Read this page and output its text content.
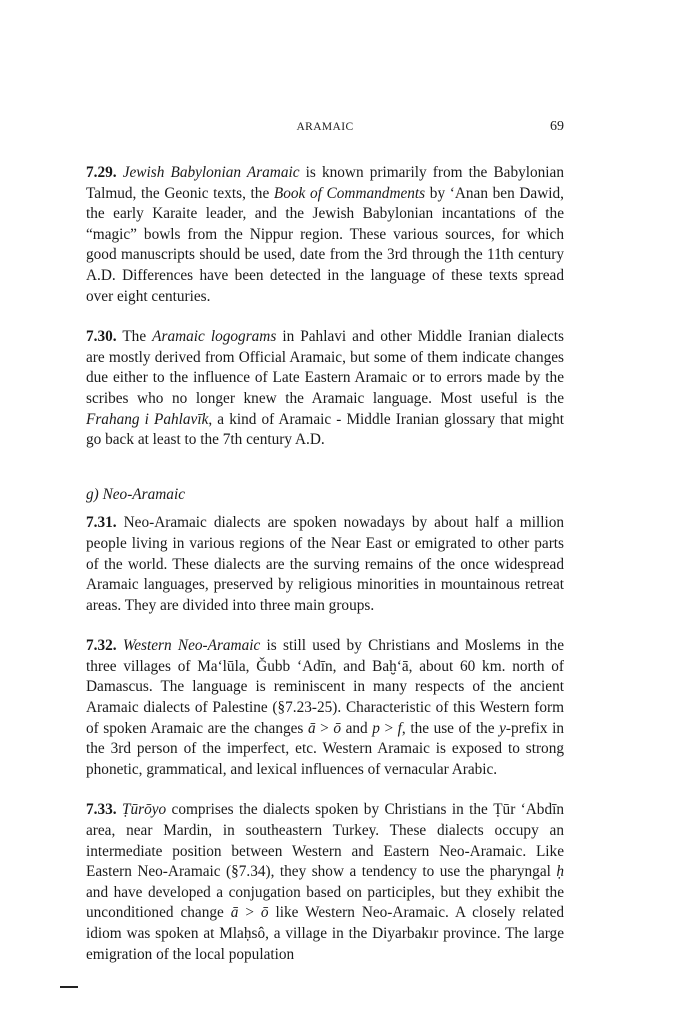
ARAMAIC	69

7.29. Jewish Babylonian Aramaic is known primarily from the Babylonian Talmud, the Geonic texts, the Book of Commandments by ‘Anan ben Dawid, the early Karaite leader, and the Jewish Babylonian incantations of the “magic” bowls from the Nippur region. These various sources, for which good manuscripts should be used, date from the 3rd through the 11th century A.D. Differences have been detected in the language of these texts spread over eight centuries.

7.30. The Aramaic logograms in Pahlavi and other Middle Iranian dialects are mostly derived from Official Aramaic, but some of them indicate changes due either to the influence of Late Eastern Aramaic or to errors made by the scribes who no longer knew the Aramaic language. Most useful is the Frahang i Pahlavīk, a kind of Aramaic - Middle Iranian glossary that might go back at least to the 7th century A.D.

g) Neo-Aramaic

7.31. Neo-Aramaic dialects are spoken nowadays by about half a million people living in various regions of the Near East or emigrated to other parts of the world. These dialects are the surving remains of the once widespread Aramaic languages, preserved by religious minorities in mountainous retreat areas. They are divided into three main groups.

7.32. Western Neo-Aramaic is still used by Christians and Moslems in the three villages of Ma‘lūla, Ǧubb ‘Adīn, and Baḫ‘ā, about 60 km. north of Damascus. The language is reminiscent in many respects of the ancient Aramaic dialects of Palestine (§7.23-25). Characteristic of this Western form of spoken Aramaic are the changes ā > ō and p > f, the use of the y-prefix in the 3rd person of the imperfect, etc. Western Aramaic is exposed to strong phonetic, grammatical, and lexical influences of vernacular Arabic.

7.33. Ṭūrōyo comprises the dialects spoken by Christians in the Ṭūr ‘Abdīn area, near Mardin, in southeastern Turkey. These dialects occupy an intermediate position between Western and Eastern Neo-Aramaic. Like Eastern Neo-Aramaic (§7.34), they show a tendency to use the pharyngal ḥ and have developed a conjugation based on participles, but they exhibit the unconditioned change ā > ō like Western Neo-Aramaic. A closely related idiom was spoken at Mlaḥsô, a village in the Diyarbakır province. The large emigration of the local population
